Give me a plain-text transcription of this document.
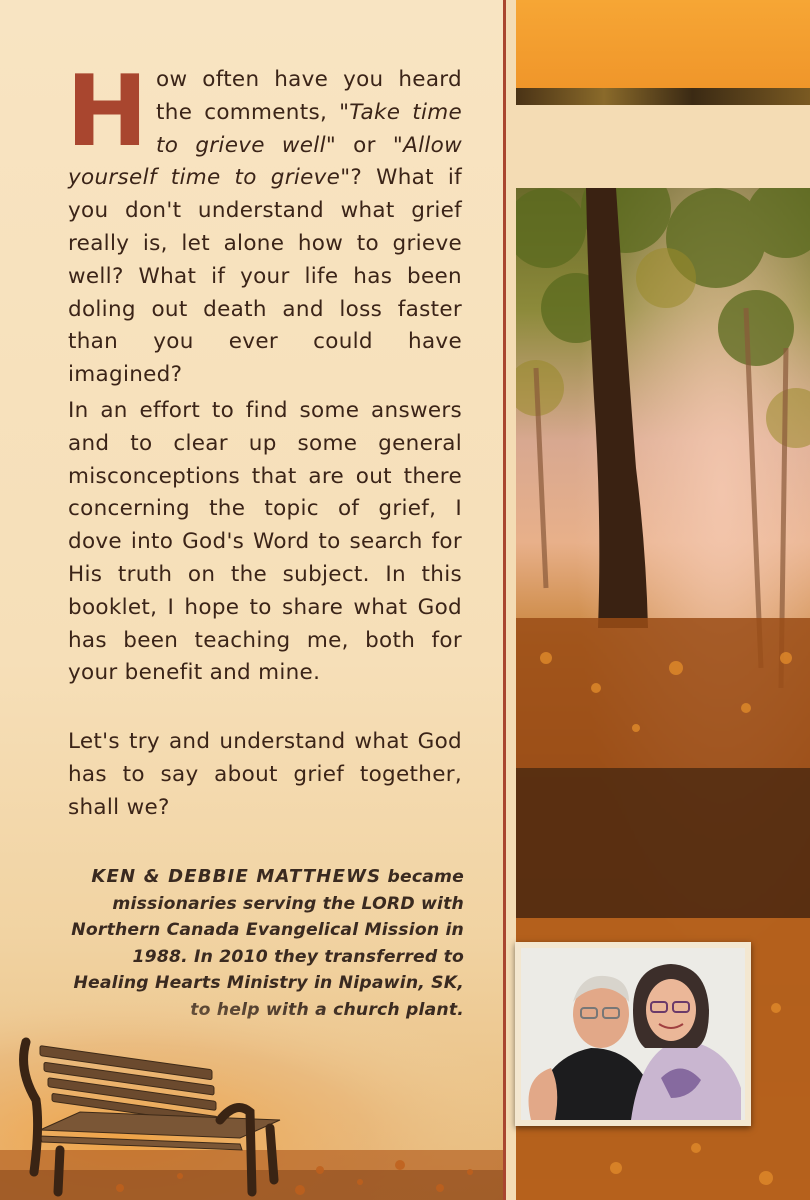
How often have you heard the comments, "Take time to grieve well" or "Allow yourself time to grieve"? What if you don't understand what grief really is, let alone how to grieve well? What if your life has been doling out death and loss faster than you ever could have imagined?
In an effort to find some answers and to clear up some general misconceptions that are out there concerning the topic of grief, I dove into God's Word to search for His truth on the subject. In this booklet, I hope to share what God has been teaching me, both for your benefit and mine.
Let's try and understand what God has to say about grief together, shall we?
KEN & DEBBIE MATTHEWS became missionaries serving the LORD with Northern Canada Evangelical Mission in 1988. In 2010 they transferred to Healing Hearts Ministry in Nipawin, SK,
